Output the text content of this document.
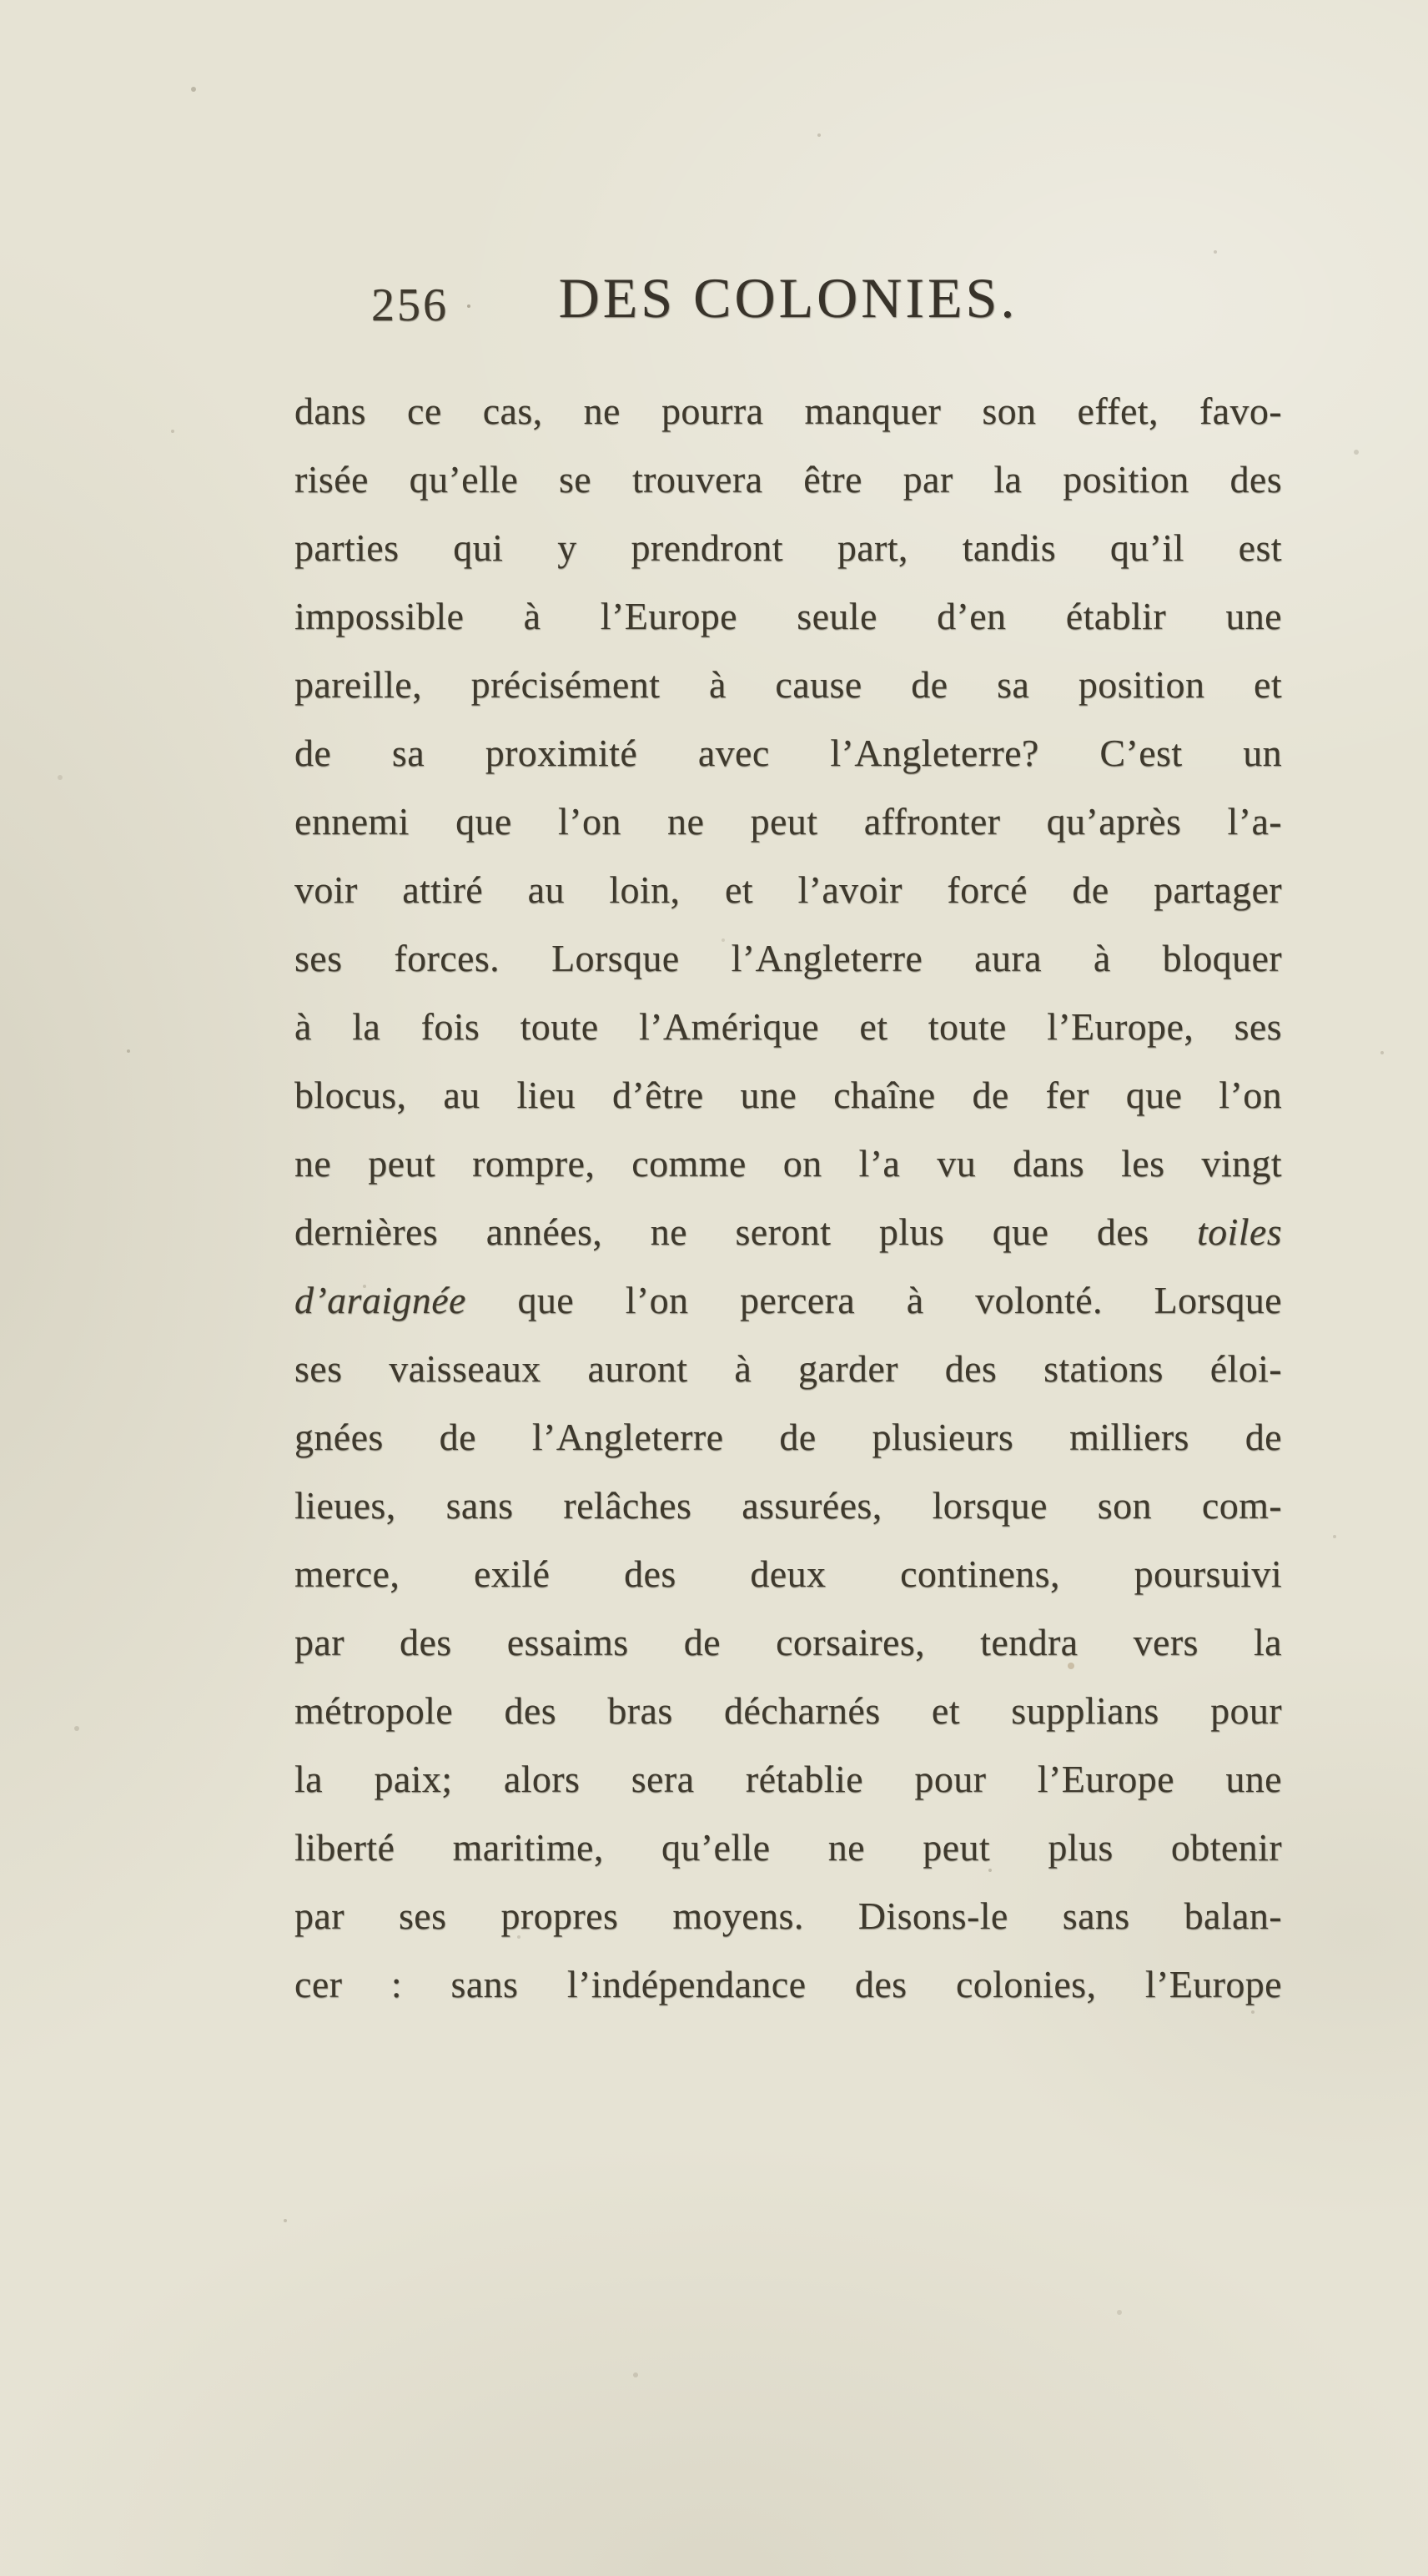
256	DES COLONIES.
dans ce cas, ne pourra manquer son effet, favo-
risée qu’elle se trouvera être par la position des
parties qui y prendront part, tandis qu’il est
impossible à l’Europe seule d’en établir une
pareille, précisément à cause de sa position et
de sa proximité avec l’Angleterre? C’est un
ennemi que l’on ne peut affronter qu’après l’a-
voir attiré au loin, et l’avoir forcé de partager
ses forces. Lorsque l’Angleterre aura à bloquer
à la fois toute l’Amérique et toute l’Europe, ses
blocus, au lieu d’être une chaîne de fer que l’on
ne peut rompre, comme on l’a vu dans les vingt
dernières années, ne seront plus que des toiles
d’araignée que l’on percera à volonté. Lorsque
ses vaisseaux auront à garder des stations éloi-
gnées de l’Angleterre de plusieurs milliers de
lieues, sans relâches assurées, lorsque son com-
merce, exilé des deux continens, poursuivi
par des essaims de corsaires, tendra vers la
métropole des bras décharnés et supplians pour
la paix; alors sera rétablie pour l’Europe une
liberté maritime, qu’elle ne peut plus obtenir
par ses propres moyens. Disons-le sans balan-
cer : sans l’indépendance des colonies, l’Europe
